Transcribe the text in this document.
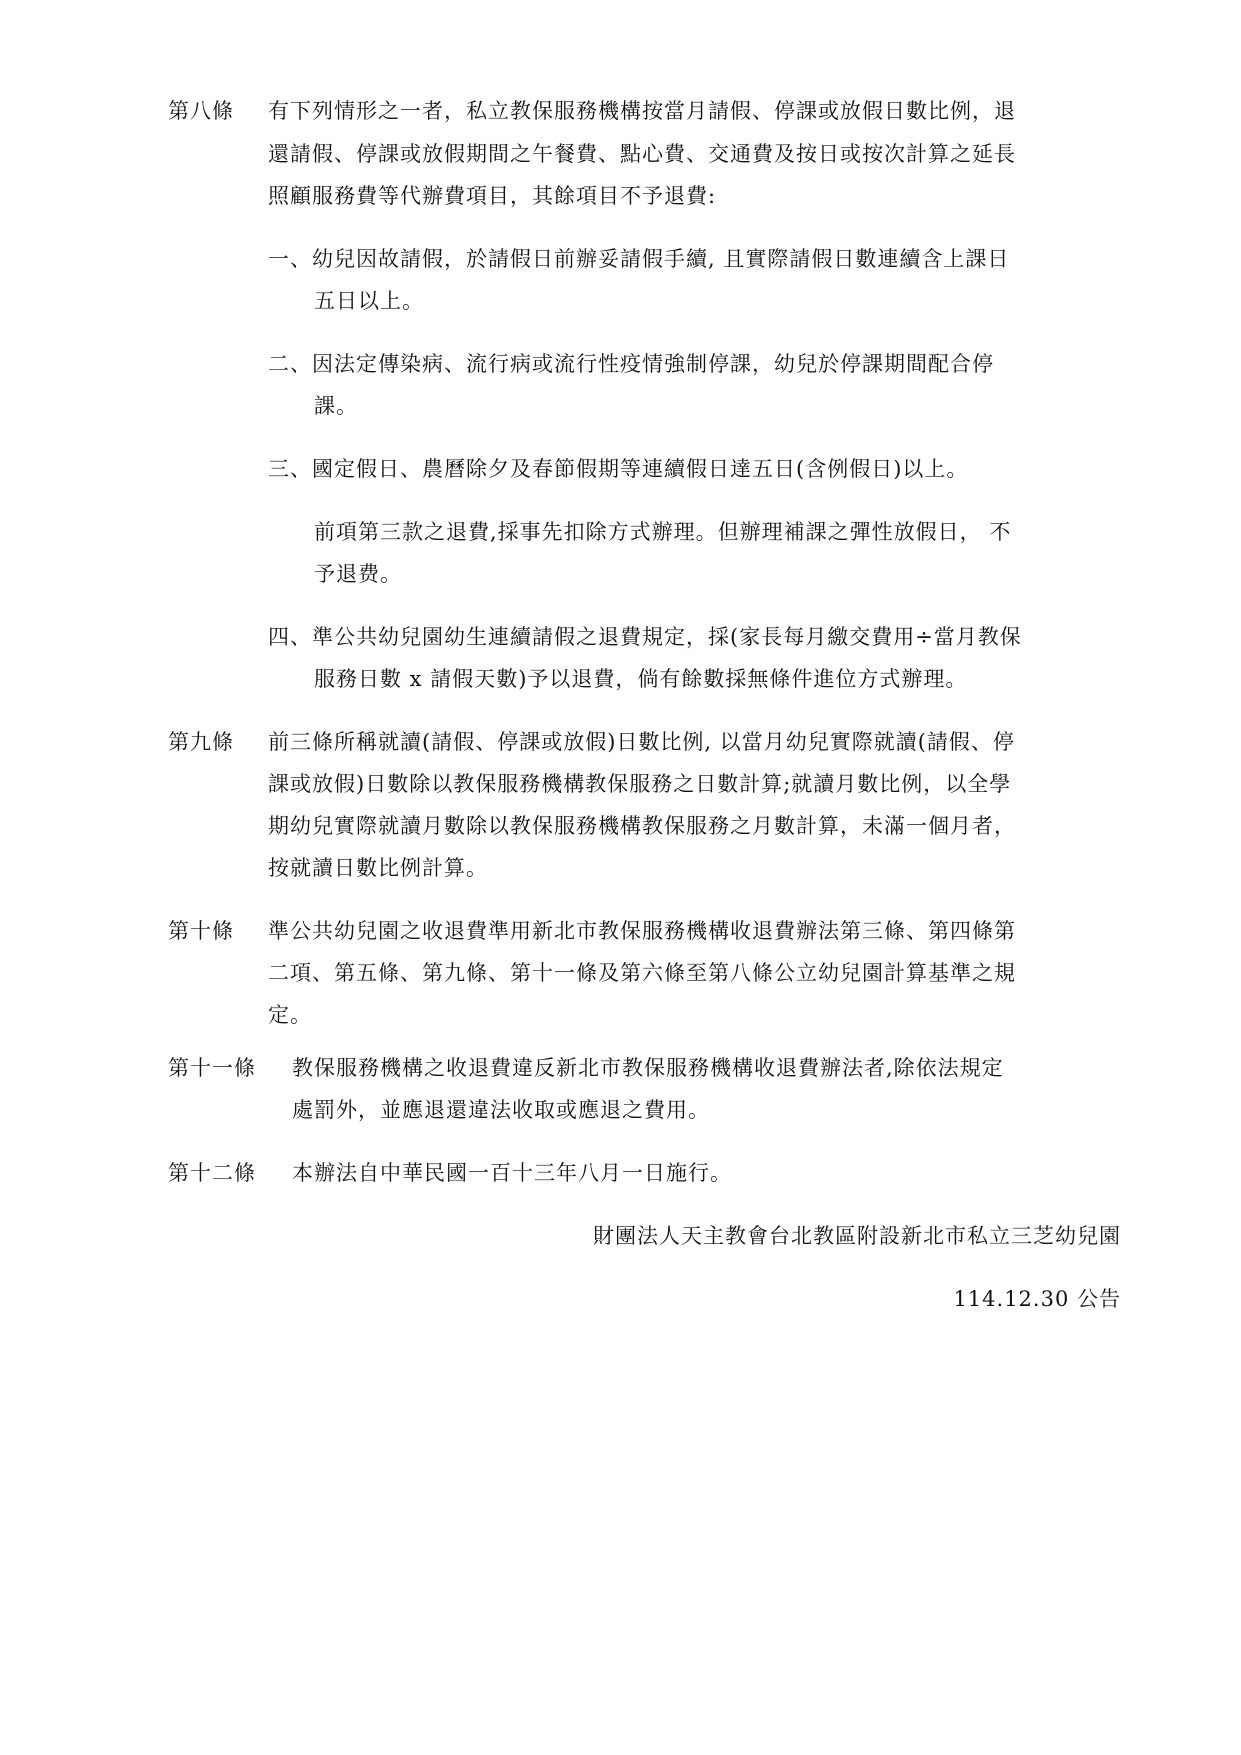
第八條 有下列情形之一者，私立教保服務機構按當月請假、停課或放假日數比例，退
還請假、停課或放假期間之午餐費、點心費、交通費及按日或按次計算之延長
照顧服務費等代辦費項目，其餘項目不予退費:
一、幼兒因故請假，於請假日前辦妥請假手續, 且實際請假日數連續含上課日
五日以上。
二、因法定傳染病、流行病或流行性疫情強制停課，幼兒於停課期間配合停
課。
三、國定假日、農曆除夕及春節假期等連續假日達五日(含例假日)以上。
前項第三款之退費,採事先扣除方式辦理。但辦理補課之彈性放假日， 不
予退费。
四、準公共幼兒園幼生連續請假之退費規定，採(家長每月繳交費用÷當月教保
服務日數 x 請假天數)予以退費，倘有餘數採無條件進位方式辦理。
第九條 前三條所稱就讀(請假、停課或放假)日數比例, 以當月幼兒實際就讀(請假、停
課或放假)日數除以教保服務機構教保服務之日數計算;就讀月數比例，以全學
期幼兒實際就讀月數除以教保服務機構教保服務之月數計算，未滿一個月者，
按就讀日數比例計算。
第十條 準公共幼兒園之收退費準用新北市教保服務機構收退費辦法第三條、第四條第
二項、第五條、第九條、第十一條及第六條至第八條公立幼兒園計算基準之規
定。
第十一條 教保服務機構之收退費違反新北市教保服務機構收退費辦法者,除依法規定
處罰外，並應退還違法收取或應退之費用。
第十二條 本辦法自中華民國一百十三年八月一日施行。
財團法人天主教會台北教區附設新北市私立三芝幼兒園
114.12.30 公告
